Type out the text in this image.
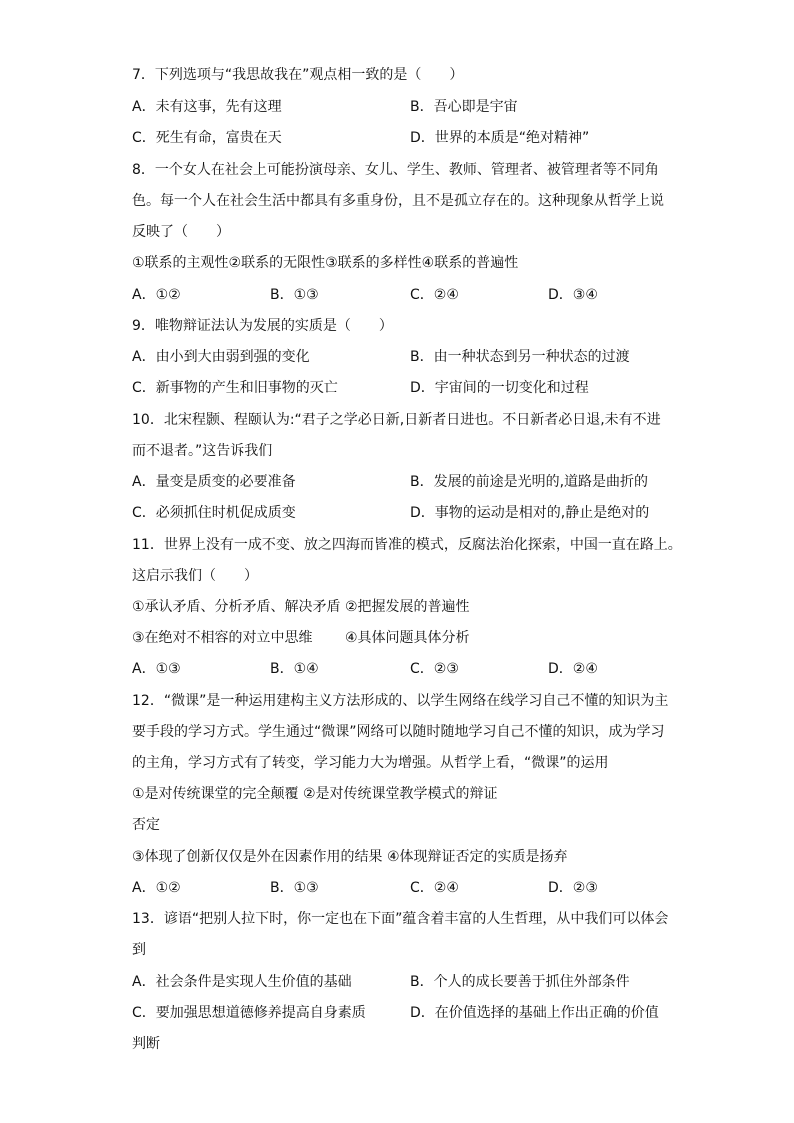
7．下列选项与“我思故我在”观点相一致的是（　　）
A．未有这事，先有这理	B．吾心即是宇宙
C．死生有命，富贵在天	D．世界的本质是“绝对精神”
8．一个女人在社会上可能扮演母亲、女儿、学生、教师、管理者、被管理者等不同角
色。每一个人在社会生活中都具有多重身份，且不是孤立存在的。这种现象从哲学上说
反映了（　　）
①联系的主观性②联系的无限性③联系的多样性④联系的普遍性
A．①②	B．①③	C．②④	D．③④
9．唯物辩证法认为发展的实质是（　　）
A．由小到大由弱到强的变化	B．由一种状态到另一种状态的过渡
C．新事物的产生和旧事物的灭亡	D．宇宙间的一切变化和过程
10．北宋程颢、程颐认为:“君子之学必日新,日新者日进也。不日新者必日退,未有不进
而不退者。”这告诉我们
A．量变是质变的必要准备	B．发展的前途是光明的,道路是曲折的
C．必须抓住时机促成质变	D．事物的运动是相对的,静止是绝对的
11．世界上没有一成不变、放之四海而皆准的模式，反腐法治化探索，中国一直在路上。
这启示我们（　　）
①承认矛盾、分析矛盾、解决矛盾 ②把握发展的普遍性
③在绝对不相容的对立中思维　　 ④具体问题具体分析
A．①③	B．①④	C．②③	D．②④
12．“微课”是一种运用建构主义方法形成的、以学生网络在线学习自己不懂的知识为主
要手段的学习方式。学生通过“微课”网络可以随时随地学习自己不懂的知识，成为学习
的主角，学习方式有了转变，学习能力大为增强。从哲学上看，“微课”的运用
①是对传统课堂的完全颠覆 ②是对传统课堂教学模式的辩证
否定
③体现了创新仅仅是外在因素作用的结果 ④体现辩证否定的实质是扬弃
A．①②	B．①③	C．②④	D．②③
13．谚语“把别人拉下时，你一定也在下面”蕴含着丰富的人生哲理，从中我们可以体会
到
A．社会条件是实现人生价值的基础	B．个人的成长要善于抓住外部条件
C．要加强思想道德修养提高自身素质	D．在价值选择的基础上作出正确的价值
判断
